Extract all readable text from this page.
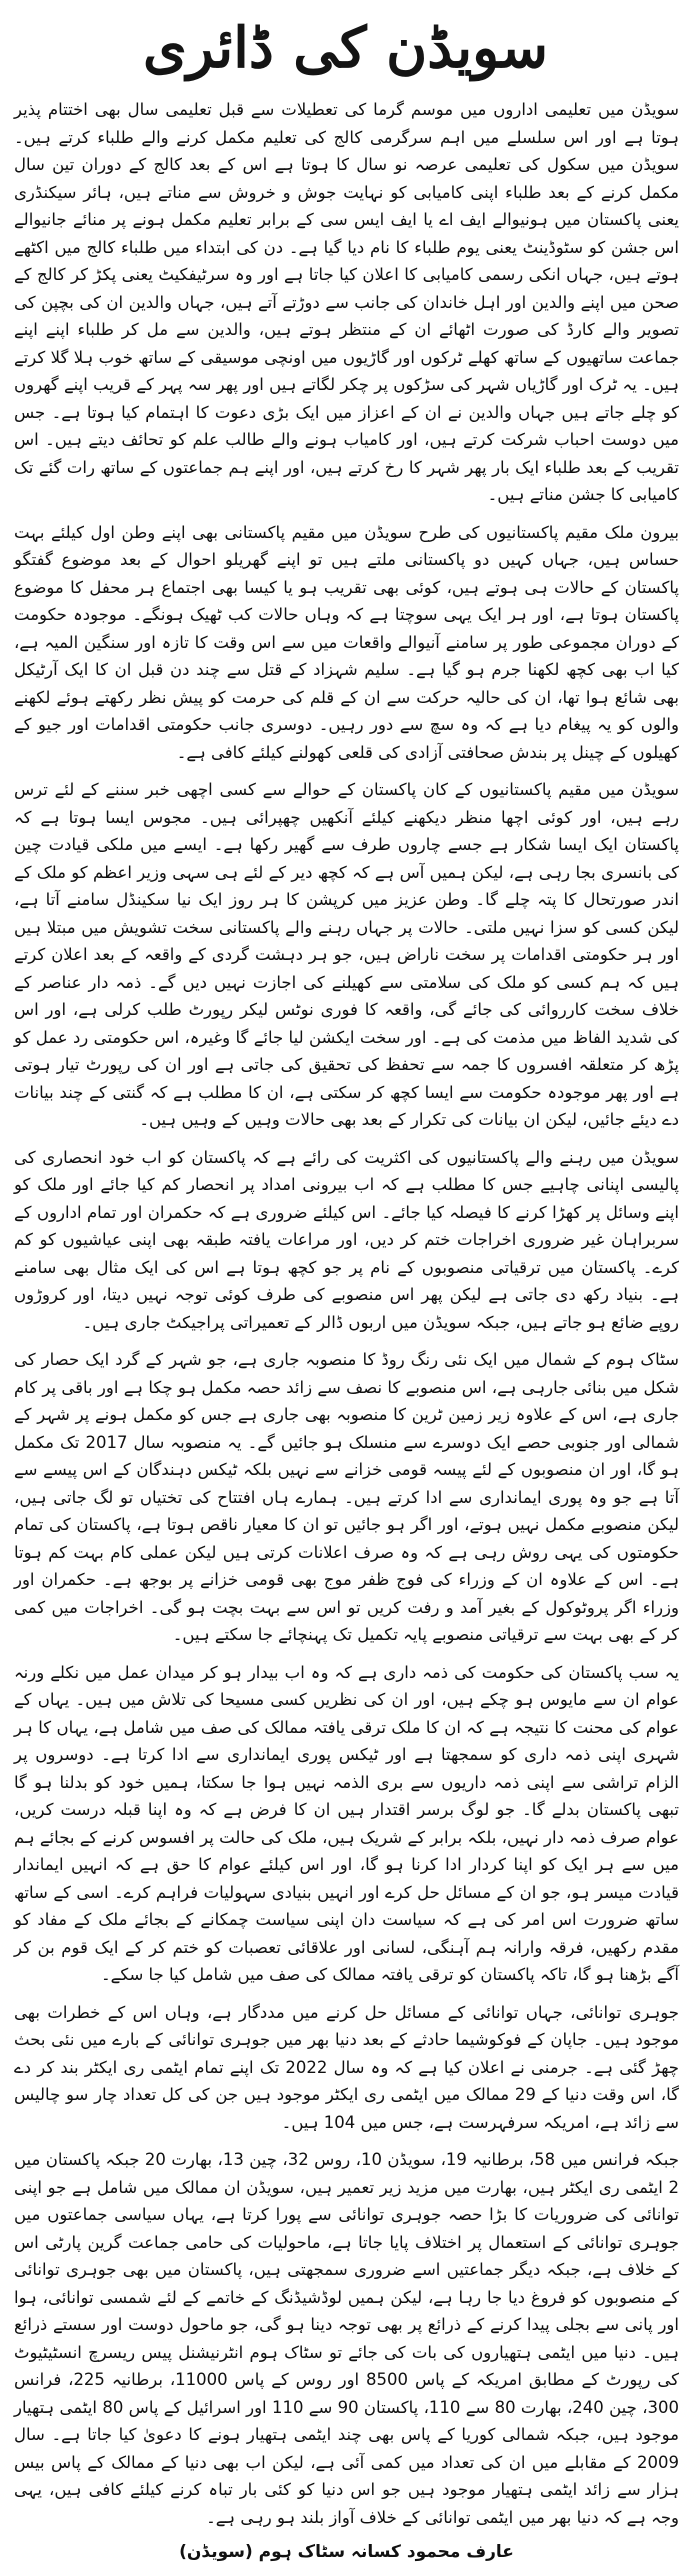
سویڈن کی ڈائری

سویڈن میں تعلیمی اداروں میں موسم گرما کی تعطیلات سے قبل تعلیمی سال بھی اختتام پذیر ہوتا ہے اور اس سلسلے میں اہم سرگرمی کالج کی تعلیم مکمل کرنے والے طلباء کرتے ہیں۔ سویڈن میں سکول کی تعلیمی عرصہ نو سال کا ہوتا ہے اس کے بعد کالج کے دوران تین سال مکمل کرنے کے بعد طلباء اپنی کامیابی کو نہایت جوش و خروش سے مناتے ہیں، ہائر سیکنڈری یعنی پاکستان میں ہونیوالے ایف اے یا ایف ایس سی کے برابر تعلیم مکمل ہونے پر منائے جانیوالے اس جشن کو سٹوڈینٹ یعنی یوم طلباء کا نام دیا گیا ہے۔ دن کی ابتداء میں طلباء کالج میں اکٹھے ہوتے ہیں، جہاں انکی رسمی کامیابی کا اعلان کیا جاتا ہے اور وہ سرٹیفکیٹ یعنی پکڑ کر کالج کے صحن میں اپنے والدین اور اہل خاندان کی جانب سے دوڑتے آتے ہیں، جہاں والدین ان کی بچپن کی تصویر والے کارڈ کی صورت اٹھائے ان کے منتظر ہوتے ہیں، والدین سے مل کر طلباء اپنے اپنے جماعت ساتھیوں کے ساتھ کھلے ٹرکوں اور گاڑیوں میں اونچی موسیقی کے ساتھ خوب ہلا گلا کرتے ہیں۔ یہ ٹرک اور گاڑیاں شہر کی سڑکوں پر چکر لگاتے ہیں اور پھر سہ پہر کے قریب اپنے گھروں کو چلے جاتے ہیں جہاں والدین نے ان کے اعزاز میں ایک بڑی دعوت کا اہتمام کیا ہوتا ہے۔ جس میں دوست احباب شرکت کرتے ہیں، اور کامیاب ہونے والے طالب علم کو تحائف دیتے ہیں۔ اس تقریب کے بعد طلباء ایک بار پھر شہر کا رخ کرتے ہیں، اور اپنے ہم جماعتوں کے ساتھ رات گئے تک کامیابی کا جشن مناتے ہیں۔

بیرون ملک مقیم پاکستانیوں کی طرح سویڈن میں مقیم پاکستانی بھی اپنے وطن اول کیلئے بہت حساس ہیں، جہاں کہیں دو پاکستانی ملتے ہیں تو اپنے گھریلو احوال کے بعد موضوع گفتگو پاکستان کے حالات ہی ہوتے ہیں، کوئی بھی تقریب ہو یا کیسا بھی اجتماع ہر محفل کا موضوع پاکستان ہوتا ہے، اور ہر ایک یہی سوچتا ہے کہ وہاں حالات کب ٹھیک ہونگے۔ موجودہ حکومت کے دوران مجموعی طور پر سامنے آنیوالے واقعات میں سے اس وقت کا تازہ اور سنگین المیہ ہے، کیا اب بھی کچھ لکھنا جرم ہو گیا ہے۔ سلیم شہزاد کے قتل سے چند دن قبل ان کا ایک آرٹیکل بھی شائع ہوا تھا، ان کی حالیہ حرکت سے ان کے قلم کی حرمت کو پیش نظر رکھتے ہوئے لکھنے والوں کو یہ پیغام دیا ہے کہ وہ سچ سے دور رہیں۔ دوسری جانب حکومتی اقدامات اور جیو کے کھیلوں کے چینل پر بندش صحافتی آزادی کی قلعی کھولنے کیلئے کافی ہے۔

سویڈن میں مقیم پاکستانیوں کے کان پاکستان کے حوالے سے کسی اچھی خبر سننے کے لئے ترس رہے ہیں، اور کوئی اچھا منظر دیکھنے کیلئے آنکھیں چھپرائی ہیں۔ مجوس ایسا ہوتا ہے کہ پاکستان ایک ایسا شکار ہے جسے چاروں طرف سے گھیر رکھا ہے۔ ایسے میں ملکی قیادت چین کی بانسری بجا رہی ہے، لیکن ہمیں آس ہے کہ کچھ دیر کے لئے ہی سہی وزیر اعظم کو ملک کے اندر صورتحال کا پتہ چلے گا۔ وطن عزیز میں کرپشن کا ہر روز ایک نیا سکینڈل سامنے آتا ہے، لیکن کسی کو سزا نہیں ملتی۔ حالات پر جہاں رہنے والے پاکستانی سخت تشویش میں مبتلا ہیں اور ہر حکومتی اقدامات پر سخت ناراض ہیں، جو ہر دہشت گردی کے واقعہ کے بعد اعلان کرتے ہیں کہ ہم کسی کو ملک کی سلامتی سے کھیلنے کی اجازت نہیں دیں گے۔ ذمہ دار عناصر کے خلاف سخت کارروائی کی جائے گی، واقعہ کا فوری نوٹس لیکر رپورٹ طلب کرلی ہے، اور اس کی شدید الفاظ میں مذمت کی ہے۔ اور سخت ایکشن لیا جائے گا وغیرہ، اس حکومتی رد عمل کو پڑھ کر متعلقہ افسروں کا جمہ سے تحفظ کی تحقیق کی جاتی ہے اور ان کی رپورٹ تیار ہوتی ہے اور پھر موجودہ حکومت سے ایسا کچھ کر سکتی ہے، ان کا مطلب ہے کہ گنتی کے چند بیانات دے دیئے جائیں، لیکن ان بیانات کی تکرار کے بعد بھی حالات وہیں کے وہیں ہیں۔

سویڈن میں رہنے والے پاکستانیوں کی اکثریت کی رائے ہے کہ پاکستان کو اب خود انحصاری کی پالیسی اپنانی چاہیے جس کا مطلب ہے کہ اب بیرونی امداد پر انحصار کم کیا جائے اور ملک کو اپنے وسائل پر کھڑا کرنے کا فیصلہ کیا جائے۔ اس کیلئے ضروری ہے کہ حکمران اور تمام اداروں کے سربراہان غیر ضروری اخراجات ختم کر دیں، اور مراعات یافتہ طبقہ بھی اپنی عیاشیوں کو کم کرے۔ پاکستان میں ترقیاتی منصوبوں کے نام پر جو کچھ ہوتا ہے اس کی ایک مثال بھی سامنے ہے۔ بنیاد رکھ دی جاتی ہے لیکن پھر اس منصوبے کی طرف کوئی توجہ نہیں دیتا، اور کروڑوں روپے ضائع ہو جاتے ہیں، جبکہ سویڈن میں اربوں ڈالر کے تعمیراتی پراجیکٹ جاری ہیں۔

سٹاک ہوم کے شمال میں ایک نئی رنگ روڈ کا منصوبہ جاری ہے، جو شہر کے گرد ایک حصار کی شکل میں بنائی جارہی ہے، اس منصوبے کا نصف سے زائد حصہ مکمل ہو چکا ہے اور باقی پر کام جاری ہے، اس کے علاوہ زیر زمین ٹرین کا منصوبہ بھی جاری ہے جس کو مکمل ہونے پر شہر کے شمالی اور جنوبی حصے ایک دوسرے سے منسلک ہو جائیں گے۔ یہ منصوبہ سال 2017 تک مکمل ہو گا، اور ان منصوبوں کے لئے پیسہ قومی خزانے سے نہیں بلکہ ٹیکس دہندگان کے اس پیسے سے آتا ہے جو وہ پوری ایمانداری سے ادا کرتے ہیں۔ ہمارے ہاں افتتاح کی تختیاں تو لگ جاتی ہیں، لیکن منصوبے مکمل نہیں ہوتے، اور اگر ہو جائیں تو ان کا معیار ناقص ہوتا ہے، پاکستان کی تمام حکومتوں کی یہی روش رہی ہے کہ وہ صرف اعلانات کرتی ہیں لیکن عملی کام بہت کم ہوتا ہے۔ اس کے علاوہ ان کے وزراء کی فوج ظفر موج بھی قومی خزانے پر بوجھ ہے۔ حکمران اور وزراء اگر پروٹوکول کے بغیر آمد و رفت کریں تو اس سے بہت بچت ہو گی۔ اخراجات میں کمی کر کے بھی بہت سے ترقیاتی منصوبے پایہ تکمیل تک پہنچائے جا سکتے ہیں۔

یہ سب پاکستان کی حکومت کی ذمہ داری ہے کہ وہ اب بیدار ہو کر میدان عمل میں نکلے ورنہ عوام ان سے مایوس ہو چکے ہیں، اور ان کی نظریں کسی مسیحا کی تلاش میں ہیں۔ یہاں کے عوام کی محنت کا نتیجہ ہے کہ ان کا ملک ترقی یافتہ ممالک کی صف میں شامل ہے، یہاں کا ہر شہری اپنی ذمہ داری کو سمجھتا ہے اور ٹیکس پوری ایمانداری سے ادا کرتا ہے۔ دوسروں پر الزام تراشی سے اپنی ذمہ داریوں سے بری الذمہ نہیں ہوا جا سکتا، ہمیں خود کو بدلنا ہو گا تبھی پاکستان بدلے گا۔ جو لوگ برسر اقتدار ہیں ان کا فرض ہے کہ وہ اپنا قبلہ درست کریں، عوام صرف ذمہ دار نہیں، بلکہ برابر کے شریک ہیں، ملک کی حالت پر افسوس کرنے کے بجائے ہم میں سے ہر ایک کو اپنا کردار ادا کرنا ہو گا، اور اس کیلئے عوام کا حق ہے کہ انہیں ایماندار قیادت میسر ہو، جو ان کے مسائل حل کرے اور انہیں بنیادی سہولیات فراہم کرے۔ اسی کے ساتھ ساتھ ضرورت اس امر کی ہے کہ سیاست دان اپنی سیاست چمکانے کے بجائے ملک کے مفاد کو مقدم رکھیں، فرقہ وارانہ ہم آہنگی، لسانی اور علاقائی تعصبات کو ختم کر کے ایک قوم بن کر آگے بڑھنا ہو گا، تاکہ پاکستان کو ترقی یافتہ ممالک کی صف میں شامل کیا جا سکے۔

جوہری توانائی، جہاں توانائی کے مسائل حل کرنے میں مددگار ہے، وہاں اس کے خطرات بھی موجود ہیں۔ جاپان کے فوکوشیما حادثے کے بعد دنیا بھر میں جوہری توانائی کے بارے میں نئی بحث چھڑ گئی ہے۔ جرمنی نے اعلان کیا ہے کہ وہ سال 2022 تک اپنے تمام ایٹمی ری ایکٹر بند کر دے گا، اس وقت دنیا کے 29 ممالک میں ایٹمی ری ایکٹر موجود ہیں جن کی کل تعداد چار سو چالیس سے زائد ہے، امریکہ سرفہرست ہے، جس میں 104 ہیں۔

جبکہ فرانس میں 58، برطانیہ 19، سویڈن 10، روس 32، چین 13، بھارت 20 جبکہ پاکستان میں 2 ایٹمی ری ایکٹر ہیں، بھارت میں مزید زیر تعمیر ہیں، سویڈن ان ممالک میں شامل ہے جو اپنی توانائی کی ضروریات کا بڑا حصہ جوہری توانائی سے پورا کرتا ہے، یہاں سیاسی جماعتوں میں جوہری توانائی کے استعمال پر اختلاف پایا جاتا ہے، ماحولیات کی حامی جماعت گرین پارٹی اس کے خلاف ہے، جبکہ دیگر جماعتیں اسے ضروری سمجھتی ہیں، پاکستان میں بھی جوہری توانائی کے منصوبوں کو فروغ دیا جا رہا ہے، لیکن ہمیں لوڈشیڈنگ کے خاتمے کے لئے شمسی توانائی، ہوا اور پانی سے بجلی پیدا کرنے کے ذرائع پر بھی توجہ دینا ہو گی، جو ماحول دوست اور سستے ذرائع ہیں۔ دنیا میں ایٹمی ہتھیاروں کی بات کی جائے تو سٹاک ہوم انٹرنیشنل پیس ریسرچ انسٹیٹیوٹ کی رپورٹ کے مطابق امریکہ کے پاس 8500 اور روس کے پاس 11000، برطانیہ 225، فرانس 300، چین 240، بھارت 80 سے 110، پاکستان 90 سے 110 اور اسرائیل کے پاس 80 ایٹمی ہتھیار موجود ہیں، جبکہ شمالی کوریا کے پاس بھی چند ایٹمی ہتھیار ہونے کا دعویٰ کیا جاتا ہے۔ سال 2009 کے مقابلے میں ان کی تعداد میں کمی آئی ہے، لیکن اب بھی دنیا کے ممالک کے پاس بیس ہزار سے زائد ایٹمی ہتھیار موجود ہیں جو اس دنیا کو کئی بار تباہ کرنے کیلئے کافی ہیں، یہی وجہ ہے کہ دنیا بھر میں ایٹمی توانائی کے خلاف آواز بلند ہو رہی ہے۔

عارف محمود کسانہ سٹاک ہوم (سویڈن)
